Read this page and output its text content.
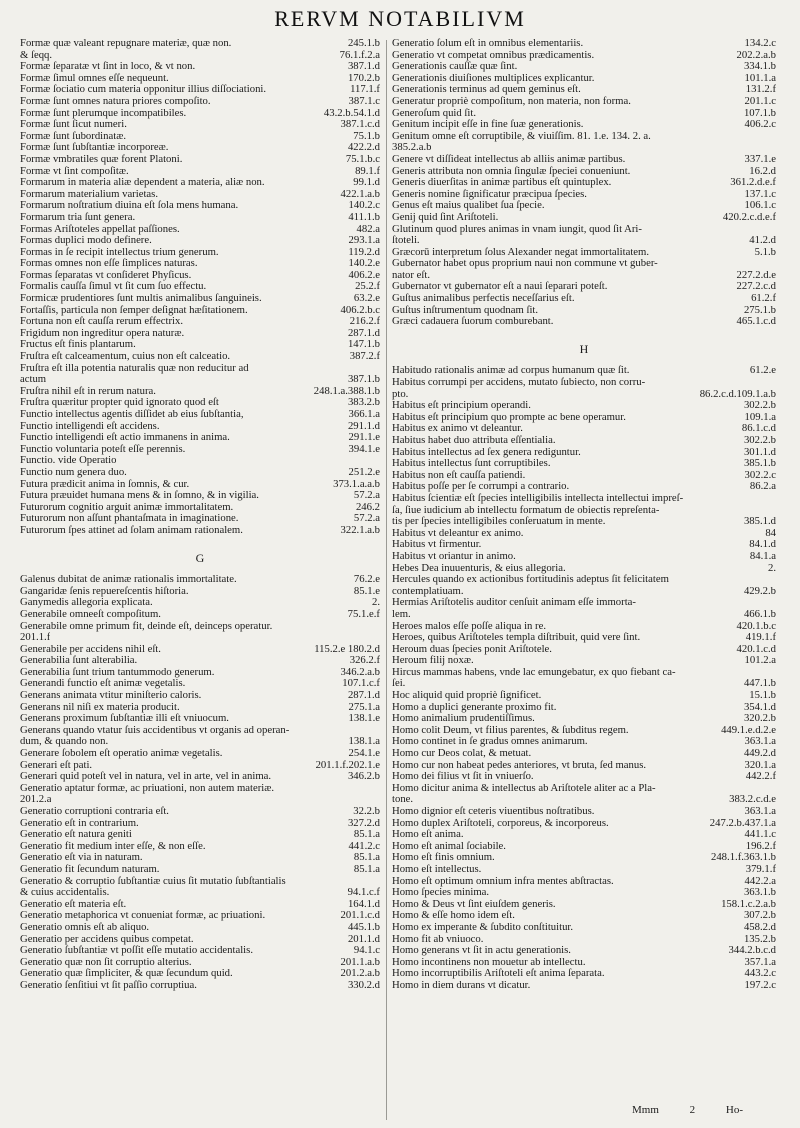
RERVM NOTABILIVM
Formæ quæ valeant repugnare materiæ, quæ non.	245.1.b
& ſeqq.	76.1.f.2.a
Formæ ſeparatæ vt ſint in loco, & vt non.	387.1.d
Formæ ſimul omnes eſſe nequeunt.	170.2.b
Formæ ſociatio cum materia opponitur illius diſſociationi.	117.1.f
Formæ ſunt omnes natura priores compoſito.	387.1.c
Formæ ſunt plerumque incompatibiles.	43.2.b.54.1.d
Formæ ſunt ſicut numeri.	387.1.c.d
Formæ ſunt ſubordinatæ.	75.1.b
Formæ ſunt ſubſtantiæ incorporeæ.	422.2.d
Formæ vmbratiles quæ forent Platoni.	75.1.b.c
Formæ vt ſint compoſitæ.	89.1.f
Formarum in materia aliæ dependent a materia, aliæ non.	99.1.d
Formarum materialium varietas.	422.1.a.b
Formarum noſtratium diuina eſt ſola mens humana.	140.2.c
Formarum tria ſunt genera.	411.1.b
Formas Ariſtoteles appellat paſſiones.	482.a
Formas duplici modo definere.	293.1.a
Formas in ſe recipit intellectus trium generum.	119.2.d
Formas omnes non eſſe ſimplices naturas.	140.2.e
Formas ſeparatas vt conſideret Phyſicus.	406.2.e
Formalis cauſſa ſimul vt ſit cum ſuo effectu.	25.2.f
Formicæ prudentiores ſunt multis animalibus ſanguineis.	63.2.e
Fortaſſis, particula non ſemper deſignat hæſitationem.	406.2.b.c
Fortuna non eſt cauſſa rerum effectrix.	216.2.f
Frigidum non ingreditur opera naturæ.	287.1.d
Fructus eſt finis plantarum.	147.1.b
Fruſtra eſt calceamentum, cuius non eſt calceatio.	387.2.f
Fruſtra eſt illa potentia naturalis quæ non reducitur ad
actum	387.1.b
Fruſtra nihil eſt in rerum natura.	248.1.a.388.1.b
Fruſtra quæritur propter quid ignorato quod eſt	383.2.b
Functio intellectus agentis diſſidet ab eius ſubſtantia,	366.1.a
Functio intelligendi eſt accidens.	291.1.d
Functio intelligendi eſt actio immanens in anima.	291.1.e
Functio voluntaria poteſt eſſe perennis.	394.1.e
Functio. vide Operatio
Functio num genera duo.	251.2.e
Futura prædicit anima in ſomnis, & cur.	373.1.a.a.b
Futura præuidet humana mens & in ſomno, & in vigilia.	57.2.a
Futurorum cognitio arguit animæ immortalitatem.	246.2
Futurorum non aſſunt phantaſmata in imaginatione.	57.2.a
Futurorum ſpes attinet ad ſolam animam rationalem.	322.1.a.b
G
Galenus dubitat de animæ rationalis immortalitate.	76.2.e
Gangaridæ ſenis repuereſcentis hiſtoria.	85.1.e
Ganymedis allegoria explicata.	2.
Generabile omneeſt compoſitum.	75.1.e.f
Generabile omne primum fit, deinde eſt, deinceps operatur.
201.1.f
Generabile per accidens nihil eſt.	115.2.e 180.2.d
Generabilia ſunt alterabilia.	326.2.f
Generabilia ſunt trium tantummodo generum.	346.2.a.b
Generandi functio eſt animæ vegetalis.	107.1.c.f
Generans animata vtitur miniſterio caloris.	287.1.d
Generans nil niſi ex materia producit.	275.1.a
Generans proximum ſubſtantiæ illi eſt vniuocum.	138.1.e
Generans quando vtatur ſuis accidentibus vt organis ad operan-
dum, & quando non.	138.1.a
Generare ſobolem eſt operatio animæ vegetalis.	254.1.e
Generari eſt pati.	201.1.f.202.1.e
Generari quid poteſt vel in natura, vel in arte, vel in anima.	346.2.b
Generatio aptatur formæ, ac priuationi, non autem materiæ.
201.2.a
Generatio corruptioni contraria eſt.	32.2.b
Generatio eſt in contrarium.	327.2.d
Generatio eſt natura geniti	85.1.a
Generatio fit medium inter eſſe, & non eſſe.	441.2.c
Generatio eſt via in naturam.	85.1.a
Generatio fit ſecundum naturam.	85.1.a
Generatio & corruptio ſubſtantiæ cuius ſit mutatio ſubſtantialis
& cuius accidentalis.	94.1.c.f
Generatio eſt materia eſt.	164.1.d
Generatio metaphorica vt conueniat formæ, ac priuationi.	201.1.c.d
Generatio omnis eſt ab aliquo.	445.1.b
Generatio per accidens quibus competat.	201.1.d
Generatio ſubſtantiæ vt poſſit eſſe mutatio accidentalis.	94.1.c
Generatio quæ non ſit corruptio alterius.	201.1.a.b
Generatio quæ ſimpliciter, & quæ ſecundum quid.	201.2.a.b
Generatio ſenſitiui vt ſit paſſio corruptiua.	330.2.d
Generatio ſolum eſt in omnibus elementariis.	134.2.c
Generatio vt competat omnibus prædicamentis.	202.2.a.b
Generationis cauſſæ quæ ſint.	334.1.b
Generationis diuiſiones multiplices explicantur.	101.1.a
Generationis terminus ad quem geminus eſt.	131.2.f
Generatur propriè compoſitum, non materia, non forma.	201.1.c
Generoſum quid ſit.	107.1.b
Genitum incipit eſſe in fine ſuæ generationis.	406.2.c
Genitum omne eſt corruptibile, & viuiſſim. 81. 1.e. 134. 2. a.
385.2.a.b
Genere vt diſſideat intellectus ab alliis animæ partibus.	337.1.e
Generis attributa non omnia ſingulæ ſpeciei conueniunt.	16.2.d
Generis diuerſitas in animæ partibus eſt quintuplex.	361.2.d.e.f
Generis nomine ſignificatur præcipua ſpecies.	137.1.c
Genus eſt maius qualibet ſua ſpecie.	106.1.c
Genij quid ſint Ariſtoteli.	420.2.c.d.e.f
Glutinum quod plures animas in vnam iungit, quod ſit Ari-
ſtoteli.	41.2.d
Græcorū interpretum ſolus Alexander negat immortalitatem.	5.1.b
Gubernator habet opus proprium naui non commune vt guber-
nator eſt.	227.2.d.e
Gubernator vt gubernator eſt a naui ſeparari poteſt.	227.2.c.d
Guſtus animalibus perfectis neceſſarius eſt.	61.2.f
Guſtus inſtrumentum quodnam ſit.	275.1.b
Græci cadauera ſuorum comburebant.	465.1.c.d
H
Habitudo rationalis animæ ad corpus humanum quæ ſit.	61.2.e
Habitus corrumpi per accidens, mutato ſubiecto, non corru-
pto.	86.2.c.d.109.1.a.b
Habitus eſt principium operandi.	302.2.b
Habitus eſt principium quo prompte ac bene operamur.	109.1.a
Habitus ex animo vt deleantur.	86.1.c.d
Habitus habet duo attributa eſſentialia.	302.2.b
Habitus intellectus ad ſex genera rediguntur.	301.1.d
Habitus intellectus ſunt corruptibiles.	385.1.b
Habitus non eſt cauſſa patiendi.	302.2.c
Habitus poſſe per ſe corrumpi a contrario.	86.2.a
Habitus ſcientiæ eſt ſpecies intelligibilis intellecta intellectui impreſ-
ſa, ſiue iudicium ab intellectu formatum de obiectis repreſenta-
tis per ſpecies intelligibiles conſeruatum in mente.	385.1.d
Habitus vt deleantur ex animo.	84
Habitus vt firmentur.	84.1.d
Habitus vt oriantur in animo.	84.1.a
Hebes Dea inuuenturis, & eius allegoria.	2.
Hercules quando ex actionibus fortitudinis adeptus ſit felicitatem
contemplatiuam.	429.2.b
Hermias Ariſtotelis auditor cenſuit animam eſſe immorta-
lem.	466.1.b
Heroes malos eſſe poſſe aliqua in re.	420.1.b.c
Heroes, quibus Ariſtoteles templa diſtribuit, quid vere ſint.	419.1.f
Heroum duas ſpecies ponit Ariſtotele.	420.1.c.d
Heroum filij noxæ.	101.2.a
Hircus mammas habens, vnde lac emungebatur, ex quo fiebant ca-
ſei.	447.1.b
Hoc aliquid quid propriè ſignificet.	15.1.b
Homo a duplici generante proximo fit.	354.1.d
Homo animalium prudentiſſimus.	320.2.b
Homo colit Deum, vt filius parentes, & ſubditus regem.	449.1.e.d.2.e
Homo continet in ſe gradus omnes animarum.	363.1.a
Homo cur Deos colat, & metuat.	449.2.d
Homo cur non habeat pedes anteriores, vt bruta, ſed manus.	320.1.a
Homo dei filius vt ſit in vniuerſo.	442.2.f
Homo dicitur anima & intellectus ab Ariſtotele aliter ac a Pla-
tone.	383.2.c.d.e
Homo dignior eſt ceteris viuentibus noſtratibus.	363.1.a
Homo duplex Ariſtoteli, corporeus, & incorporeus.	247.2.b.437.1.a
Homo eſt anima.	441.1.c
Homo eſt animal ſociabile.	196.2.f
Homo eſt finis omnium.	248.1.f.363.1.b
Homo eſt intellectus.	379.1.f
Homo eſt optimum omnium infra mentes abſtractas.	442.2.a
Homo ſpecies minima.	363.1.b
Homo & Deus vt ſint eiuſdem generis.	158.1.c.2.a.b
Homo & eſſe homo idem eſt.	307.2.b
Homo ex imperante & ſubdito conſtituitur.	458.2.d
Homo fit ab vniuoco.	135.2.b
Homo generans vt ſit in actu generationis.	344.2.b.c.d
Homo incontinens non mouetur ab intellectu.	357.1.a
Homo incorruptibilis Ariſtoteli eſt anima ſeparata.	443.2.c
Homo in diem durans vt dicatur.	197.2.c
Mmm	2	Ho-
